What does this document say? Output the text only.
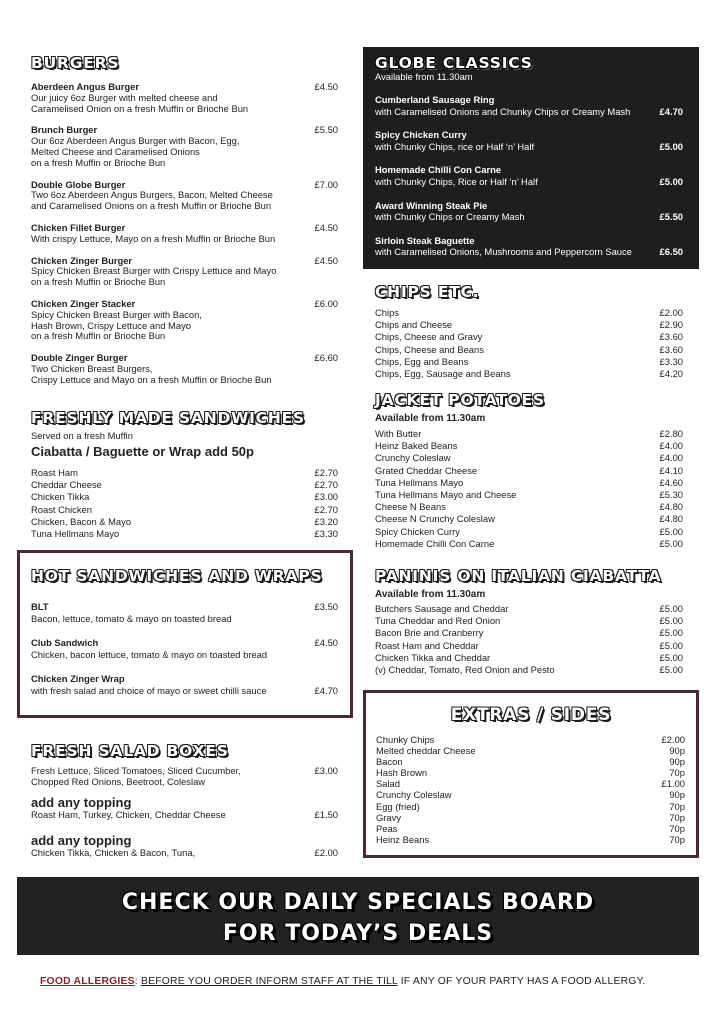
BURGERS
Aberdeen Angus Burger
Our juicy 6oz Burger with melted cheese and
Caramelised Onion on a fresh Muffin or Brioche Bun
£4.50
Brunch Burger
Our 6oz Aberdeen Angus Burger with Bacon, Egg,
Melted Cheese and Caramelised Onions
on a fresh Muffin or Brioche Bun
£5.50
Double Globe Burger
Two 6oz Aberdeen Angus Burgers, Bacon, Melted Cheese
and Caramelised Onions on a fresh Muffin or Brioche Bun
£7.00
Chicken Fillet Burger
With crispy Lettuce, Mayo on a fresh Muffin or Brioche Bun
£4.50
Chicken Zinger Burger
Spicy Chicken Breast Burger with Crispy Lettuce and Mayo
on a fresh Muffin or Brioche Bun
£4.50
Chicken Zinger Stacker
Spicy Chicken Breast Burger with Bacon,
Hash Brown, Crispy Lettuce and Mayo
on a fresh Muffin or Brioche Bun
£6.00
Double Zinger Burger
Two Chicken Breast Burgers,
Crispy Lettuce and Mayo on a fresh Muffin or Brioche Bun
£6.60
FRESHLY MADE SANDWICHES
Served on a fresh Muffin
Ciabatta / Baguette or Wrap add 50p
Roast Ham	£2.70
Cheddar Cheese	£2.70
Chicken Tikka	£3.00
Roast Chicken	£2.70
Chicken, Bacon & Mayo	£3.20
Tuna Hellmans Mayo	£3.30
HOT SANDWICHES AND WRAPS
BLT
Bacon, lettuce, tomato & mayo on toasted bread
£3.50
Club Sandwich
Chicken, bacon lettuce, tomato & mayo on toasted bread
£4.50
Chicken Zinger Wrap
with fresh salad and choice of mayo or sweet chilli sauce	£4.70
FRESH SALAD BOXES
Fresh Lettuce, Sliced Tomatoes, Sliced Cucumber,
Chopped Red Onions, Beetroot, Coleslaw
£3.00
add any topping
Roast Ham, Turkey, Chicken, Cheddar Cheese	£1.50
add any topping
Chicken Tikka, Chicken & Bacon, Tuna,	£2.00
GLOBE CLASSICS
Available from 11.30am
Cumberland Sausage Ring
with Caramelised Onions and Chunky Chips or Creamy Mash	£4.70
Spicy Chicken Curry
with Chunky Chips, rice or Half ‘n’ Half	£5.00
Homemade Chilli Con Carne
with Chunky Chips, Rice or Half ‘n’ Half	£5.00
Award Winning Steak Pie
with Chunky Chips or Creamy Mash	£5.50
Sirloin Steak Baguette
with Caramelised Onions, Mushrooms and Peppercorn Sauce	£6.50
CHIPS ETC.
Chips	£2.00
Chips and Cheese	£2.90
Chips, Cheese and Gravy	£3.60
Chips, Cheese and Beans	£3.60
Chips, Egg and Beans	£3.30
Chips, Egg, Sausage and Beans	£4.20
JACKET POTATOES
Available from 11.30am
With Butter	£2.80
Heinz Baked Beans	£4.00
Crunchy Coleslaw	£4.00
Grated Cheddar Cheese	£4.10
Tuna Hellmans Mayo	£4.60
Tuna Hellmans Mayo and Cheese	£5.30
Cheese N Beans	£4.80
Cheese N Crunchy Coleslaw	£4.80
Spicy Chicken Curry	£5.00
Homemade Chilli Con Carne	£5.00
PANINIS ON ITALIAN CIABATTA
Available from 11.30am
Butchers Sausage and Cheddar	£5.00
Tuna Cheddar and Red Onion	£5.00
Bacon Brie and Cranberry	£5.00
Roast Ham and Cheddar	£5.00
Chicken Tikka and Cheddar	£5.00
(v) Cheddar, Tomato, Red Onion and Pesto	£5.00
EXTRAS / SIDES
Chunky Chips	£2.00
Melted cheddar Cheese	90p
Bacon	90p
Hash Brown	70p
Salad	£1.00
Crunchy Coleslaw	90p
Egg (fried)	70p
Gravy	70p
Peas	70p
Heinz Beans	70p
CHECK OUR DAILY SPECIALS BOARD
FOR TODAY’S DEALS
FOOD ALLERGIES: BEFORE YOU ORDER INFORM STAFF AT THE TILL IF ANY OF YOUR PARTY HAS A FOOD ALLERGY.
